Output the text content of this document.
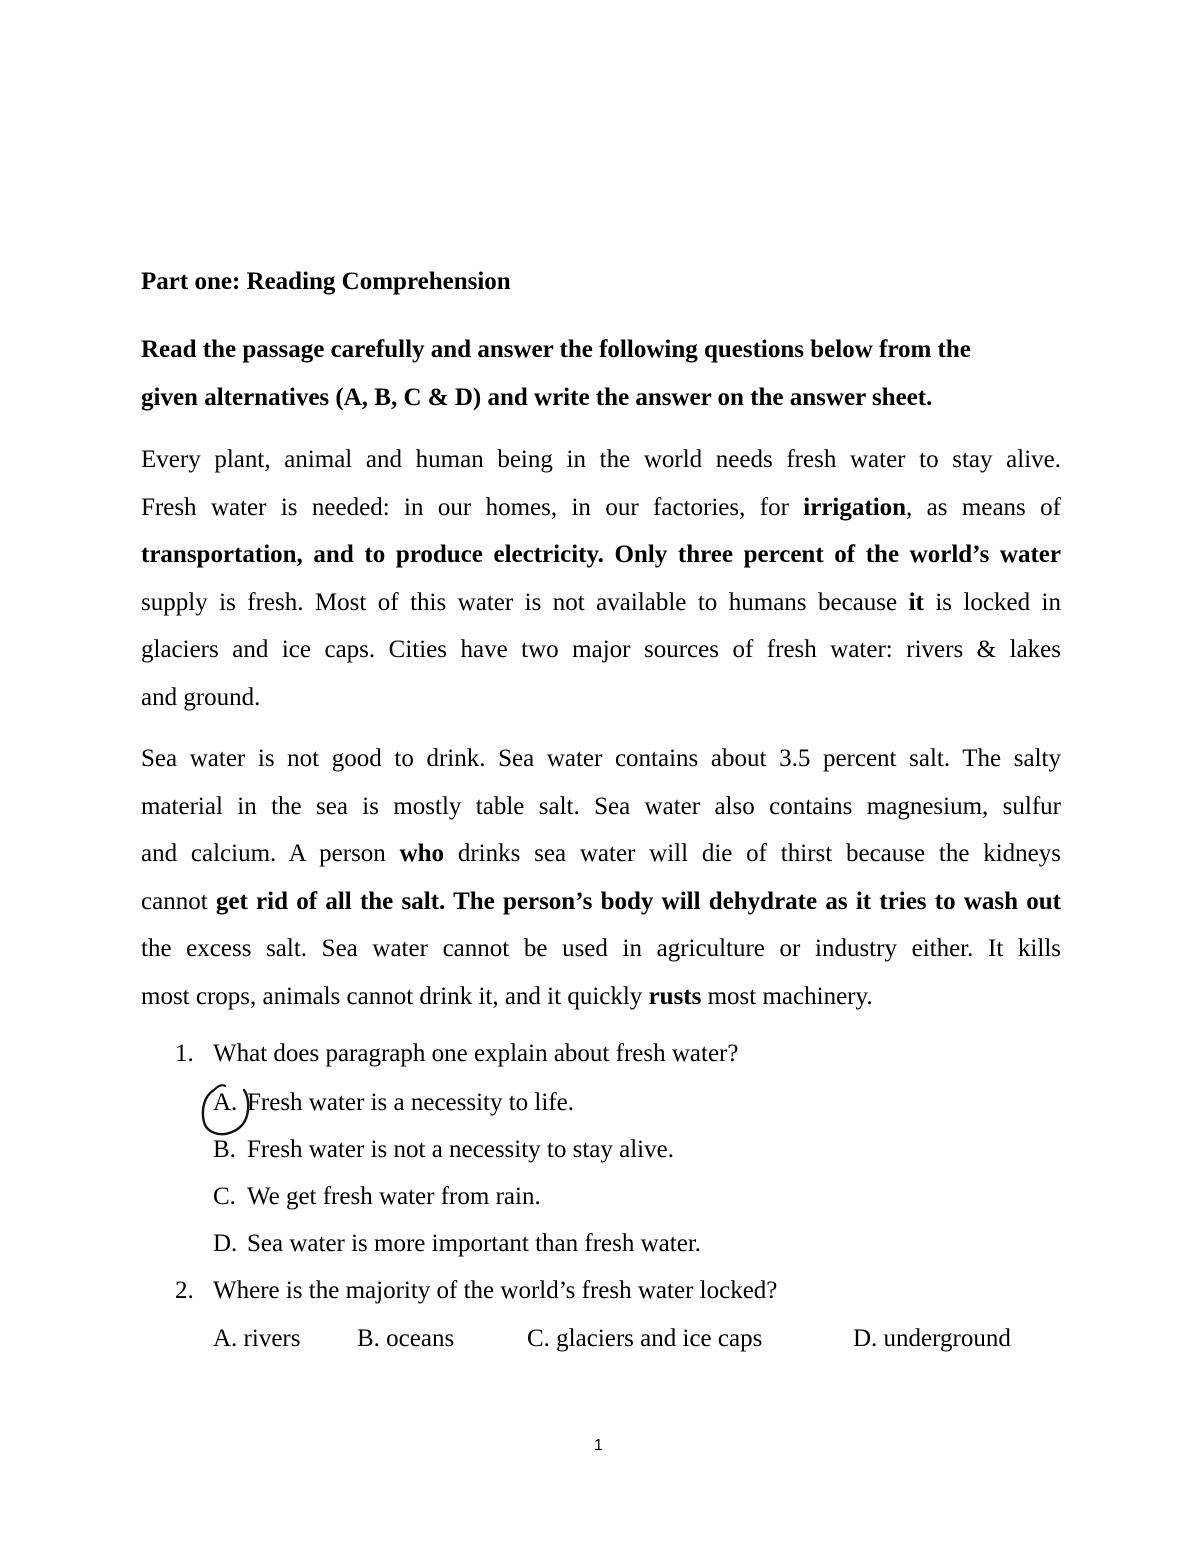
Part one: Reading Comprehension
Read the passage carefully and answer the following questions below from the
given alternatives (A, B, C & D) and write the answer on the answer sheet.
Every plant, animal and human being in the world needs fresh water to stay alive.
Fresh water is needed: in our homes, in our factories, for irrigation, as means of
transportation, and to produce electricity. Only three percent of the world’s water
supply is fresh. Most of this water is not available to humans because it is locked in
glaciers and ice caps. Cities have two major sources of fresh water: rivers & lakes
and ground.
Sea water is not good to drink. Sea water contains about 3.5 percent salt. The salty
material in the sea is mostly table salt. Sea water also contains magnesium, sulfur
and calcium. A person who drinks sea water will die of thirst because the kidneys
cannot get rid of all the salt. The person’s body will dehydrate as it tries to wash out
the excess salt. Sea water cannot be used in agriculture or industry either. It kills
most crops, animals cannot drink it, and it quickly rusts most machinery.
1. What does paragraph one explain about fresh water?
A. Fresh water is a necessity to life.
B. Fresh water is not a necessity to stay alive.
C. We get fresh water from rain.
D. Sea water is more important than fresh water.
2. Where is the majority of the world’s fresh water locked?
A. rivers B. oceans	C. glaciers and ice caps	D. underground
1
